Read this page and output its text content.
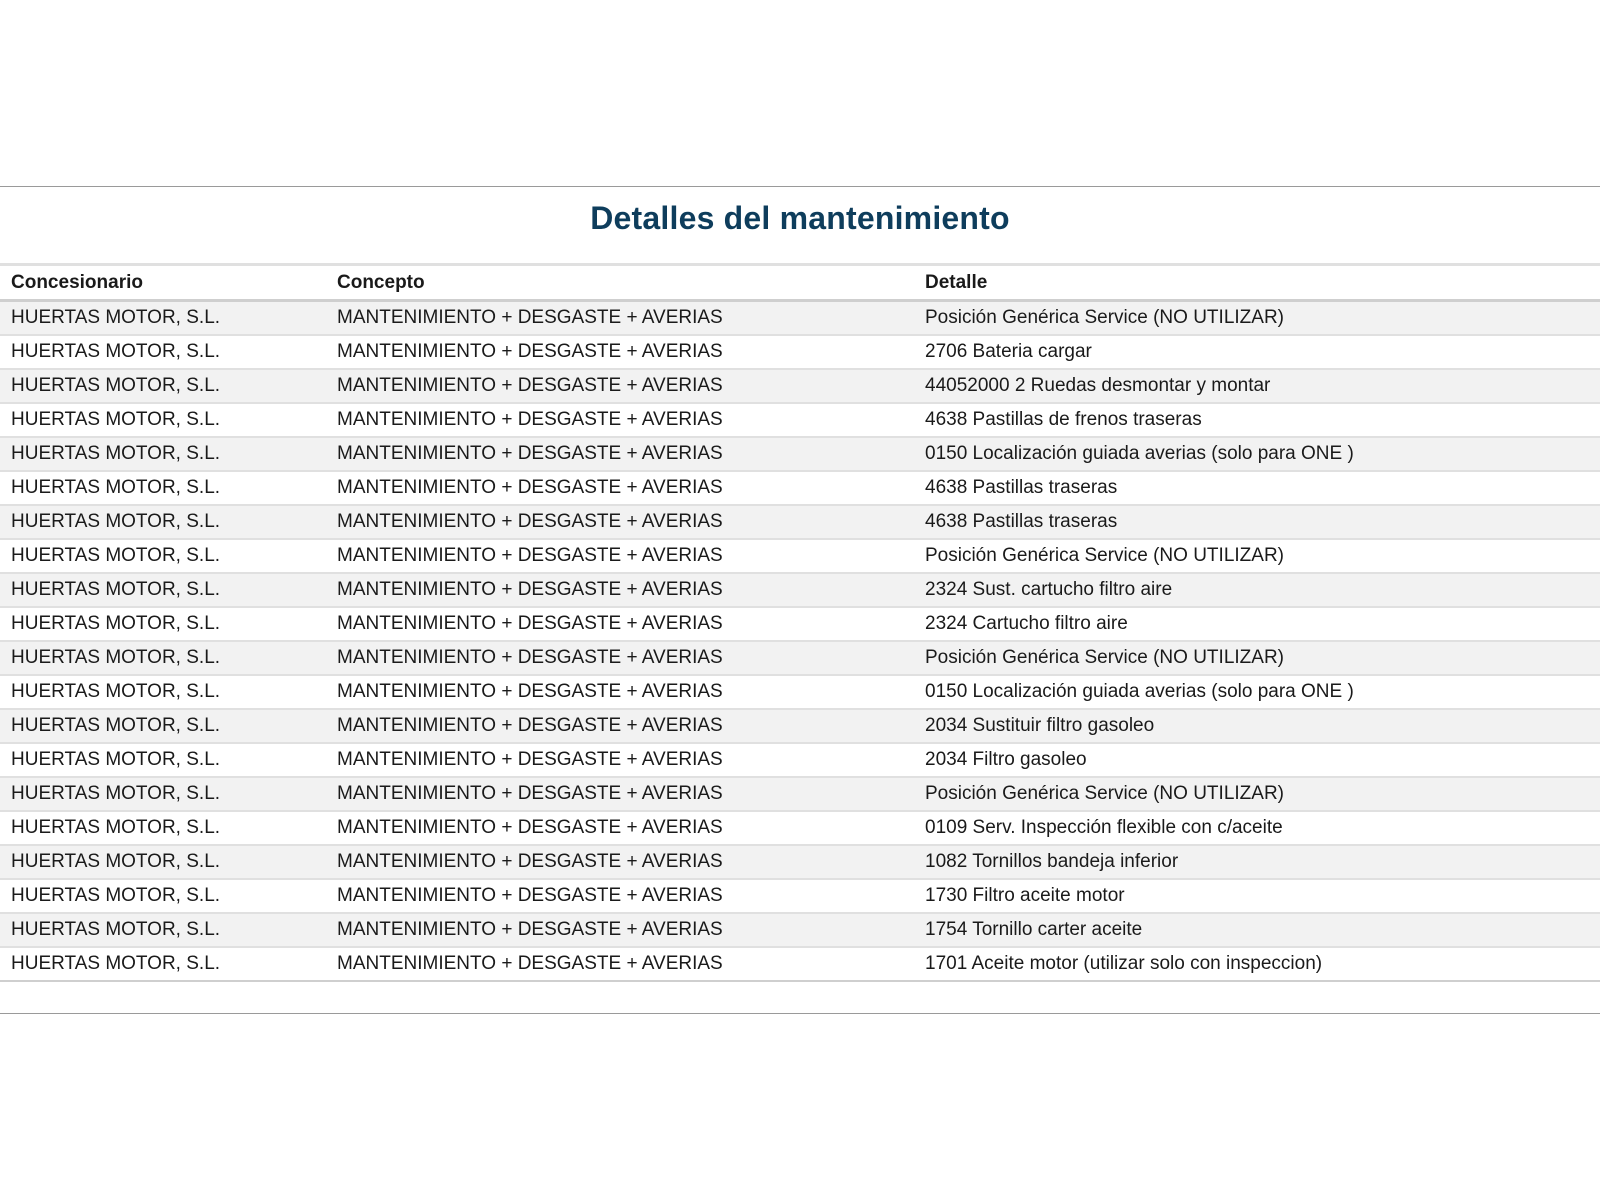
Detalles del mantenimiento
Concesionario	Concepto	Detalle
HUERTAS MOTOR, S.L.	MANTENIMIENTO + DESGASTE + AVERIAS	Posición Genérica Service (NO UTILIZAR)
HUERTAS MOTOR, S.L.	MANTENIMIENTO + DESGASTE + AVERIAS	2706 Bateria cargar
HUERTAS MOTOR, S.L.	MANTENIMIENTO + DESGASTE + AVERIAS	44052000 2 Ruedas desmontar y montar
HUERTAS MOTOR, S.L.	MANTENIMIENTO + DESGASTE + AVERIAS	4638 Pastillas de frenos traseras
HUERTAS MOTOR, S.L.	MANTENIMIENTO + DESGASTE + AVERIAS	0150 Localización guiada averias (solo para ONE )
HUERTAS MOTOR, S.L.	MANTENIMIENTO + DESGASTE + AVERIAS	4638 Pastillas traseras
HUERTAS MOTOR, S.L.	MANTENIMIENTO + DESGASTE + AVERIAS	4638 Pastillas traseras
HUERTAS MOTOR, S.L.	MANTENIMIENTO + DESGASTE + AVERIAS	Posición Genérica Service (NO UTILIZAR)
HUERTAS MOTOR, S.L.	MANTENIMIENTO + DESGASTE + AVERIAS	2324 Sust. cartucho filtro aire
HUERTAS MOTOR, S.L.	MANTENIMIENTO + DESGASTE + AVERIAS	2324 Cartucho filtro aire
HUERTAS MOTOR, S.L.	MANTENIMIENTO + DESGASTE + AVERIAS	Posición Genérica Service (NO UTILIZAR)
HUERTAS MOTOR, S.L.	MANTENIMIENTO + DESGASTE + AVERIAS	0150 Localización guiada averias (solo para ONE )
HUERTAS MOTOR, S.L.	MANTENIMIENTO + DESGASTE + AVERIAS	2034 Sustituir filtro gasoleo
HUERTAS MOTOR, S.L.	MANTENIMIENTO + DESGASTE + AVERIAS	2034 Filtro gasoleo
HUERTAS MOTOR, S.L.	MANTENIMIENTO + DESGASTE + AVERIAS	Posición Genérica Service (NO UTILIZAR)
HUERTAS MOTOR, S.L.	MANTENIMIENTO + DESGASTE + AVERIAS	0109 Serv. Inspección flexible con c/aceite
HUERTAS MOTOR, S.L.	MANTENIMIENTO + DESGASTE + AVERIAS	1082 Tornillos bandeja inferior
HUERTAS MOTOR, S.L.	MANTENIMIENTO + DESGASTE + AVERIAS	1730 Filtro aceite motor
HUERTAS MOTOR, S.L.	MANTENIMIENTO + DESGASTE + AVERIAS	1754 Tornillo carter aceite
HUERTAS MOTOR, S.L.	MANTENIMIENTO + DESGASTE + AVERIAS	1701 Aceite motor (utilizar solo con inspeccion)
